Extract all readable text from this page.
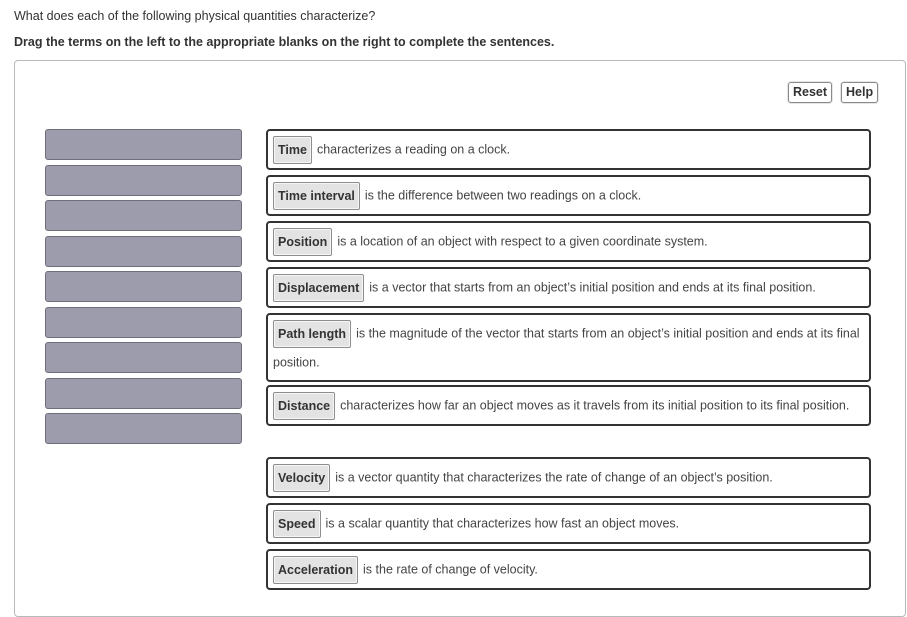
What does each of the following physical quantities characterize?
Drag the terms on the left to the appropriate blanks on the right to complete the sentences.
Reset	Help
Time characterizes a reading on a clock.
Time interval is the difference between two readings on a clock.
Position is a location of an object with respect to a given coordinate system.
Displacement is a vector that starts from an object’s initial position and ends at its final position.
Path length is the magnitude of the vector that starts from an object’s initial position and ends at its final position.
Distance characterizes how far an object moves as it travels from its initial position to its final position.
Velocity is a vector quantity that characterizes the rate of change of an object’s position.
Speed is a scalar quantity that characterizes how fast an object moves.
Acceleration is the rate of change of velocity.
